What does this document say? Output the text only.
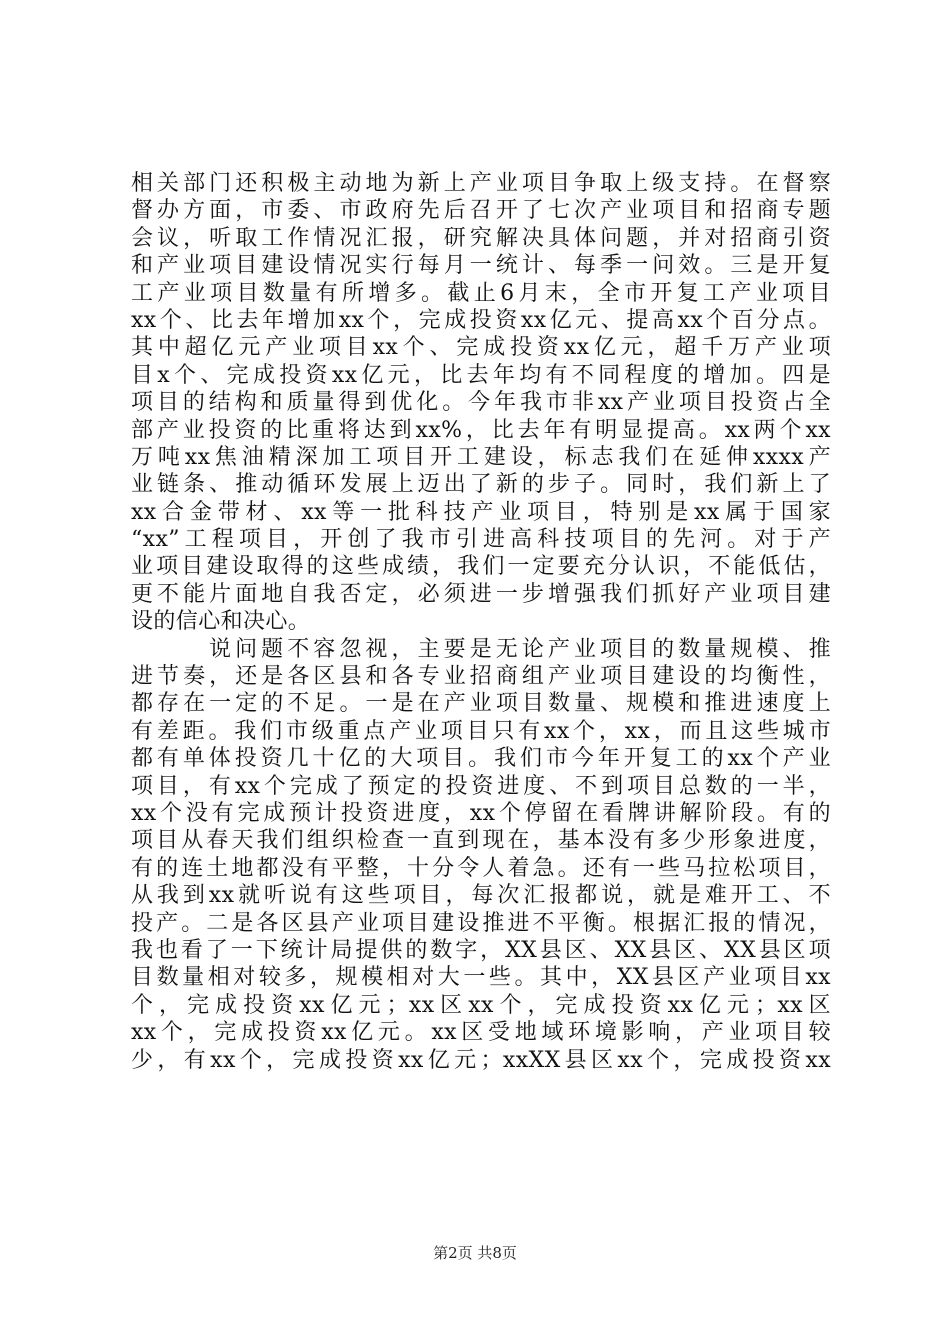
相关部门还积极主动地为新上产业项目争取上级支持。在督察
督办方面，市委、市政府先后召开了七次产业项目和招商专题
会议，听取工作情况汇报，研究解决具体问题，并对招商引资
和产业项目建设情况实行每月一统计、每季一问效。三是开复
工产业项目数量有所增多。截止6月末，全市开复工产业项目
xx个、比去年增加xx个，完成投资xx亿元、提高xx个百分点。
其中超亿元产业项目xx个、完成投资xx亿元，超千万产业项
目x个、完成投资xx亿元，比去年均有不同程度的增加。四是
项目的结构和质量得到优化。今年我市非xx产业项目投资占全
部产业投资的比重将达到xx%，比去年有明显提高。xx两个xx
万吨xx焦油精深加工项目开工建设，标志我们在延伸xxxx产
业链条、推动循环发展上迈出了新的步子。同时，我们新上了
xx合金带材、xx等一批科技产业项目，特别是xx属于国家
“xx”工程项目，开创了我市引进高科技项目的先河。对于产
业项目建设取得的这些成绩，我们一定要充分认识，不能低估，
更不能片面地自我否定，必须进一步增强我们抓好产业项目建
设的信心和决心。
说问题不容忽视，主要是无论产业项目的数量规模、推
进节奏，还是各区县和各专业招商组产业项目建设的均衡性，
都存在一定的不足。一是在产业项目数量、规模和推进速度上
有差距。我们市级重点产业项目只有xx个，xx，而且这些城市
都有单体投资几十亿的大项目。我们市今年开复工的xx个产业
项目，有xx个完成了预定的投资进度、不到项目总数的一半，
xx个没有完成预计投资进度，xx个停留在看牌讲解阶段。有的
项目从春天我们组织检查一直到现在，基本没有多少形象进度，
有的连土地都没有平整，十分令人着急。还有一些马拉松项目，
从我到xx就听说有这些项目，每次汇报都说，就是难开工、不
投产。二是各区县产业项目建设推进不平衡。根据汇报的情况，
我也看了一下统计局提供的数字，XX县区、XX县区、XX县区项
目数量相对较多，规模相对大一些。其中，XX县区产业项目xx
个，完成投资xx亿元；xx区xx个，完成投资xx亿元；xx区
xx个，完成投资xx亿元。xx区受地域环境影响，产业项目较
少，有xx个，完成投资xx亿元；xxXX县区xx个，完成投资xx
第2页 共8页
